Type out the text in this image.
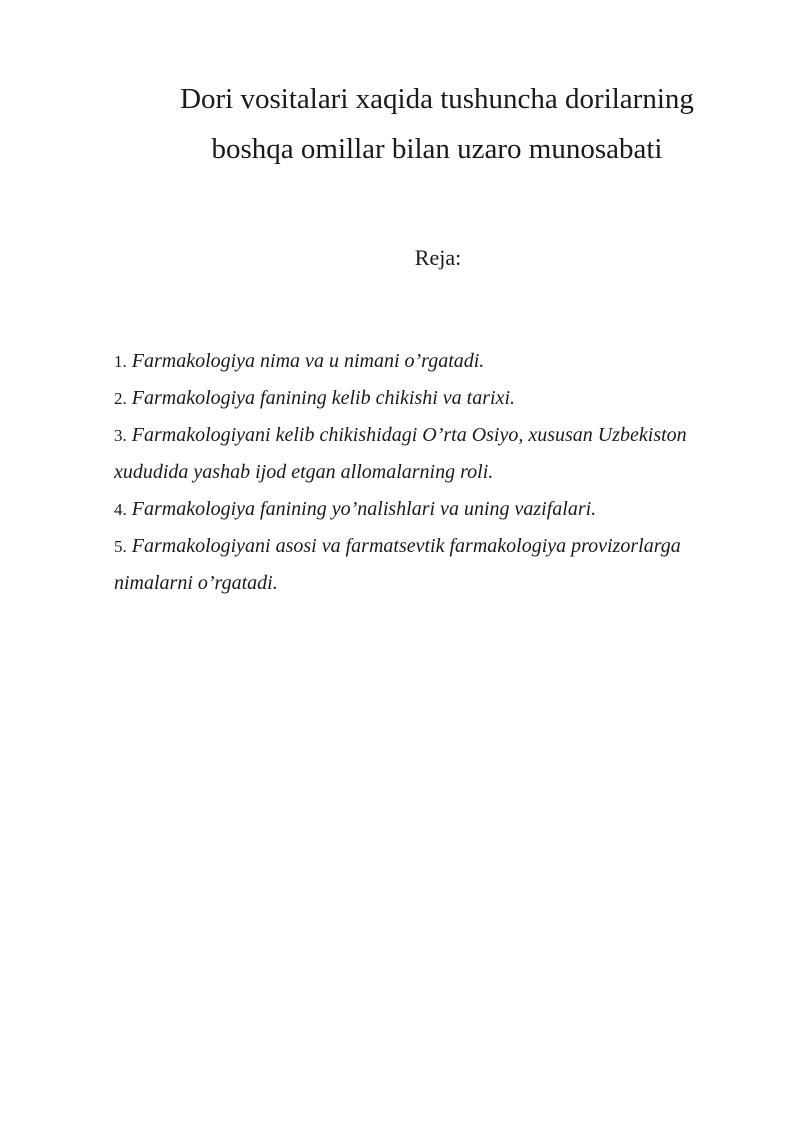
Dori vositalari xaqida tushuncha dorilarning
boshqa omillar bilan uzaro munosabati
Reja:
1. Farmakologiya nima va u nimani o’rgatadi.
2. Farmakologiya fanining kelib chikishi va tarixi.
3. Farmakologiyani kelib chikishidagi O’rta Osiyo, xususan Uzbekiston xududida yashab ijod etgan allomalarning roli.
4. Farmakologiya fanining yo’nalishlari va uning vazifalari.
5. Farmakologiyani asosi va farmatsevtik farmakologiya provizorlarga nimalarni o’rgatadi.
